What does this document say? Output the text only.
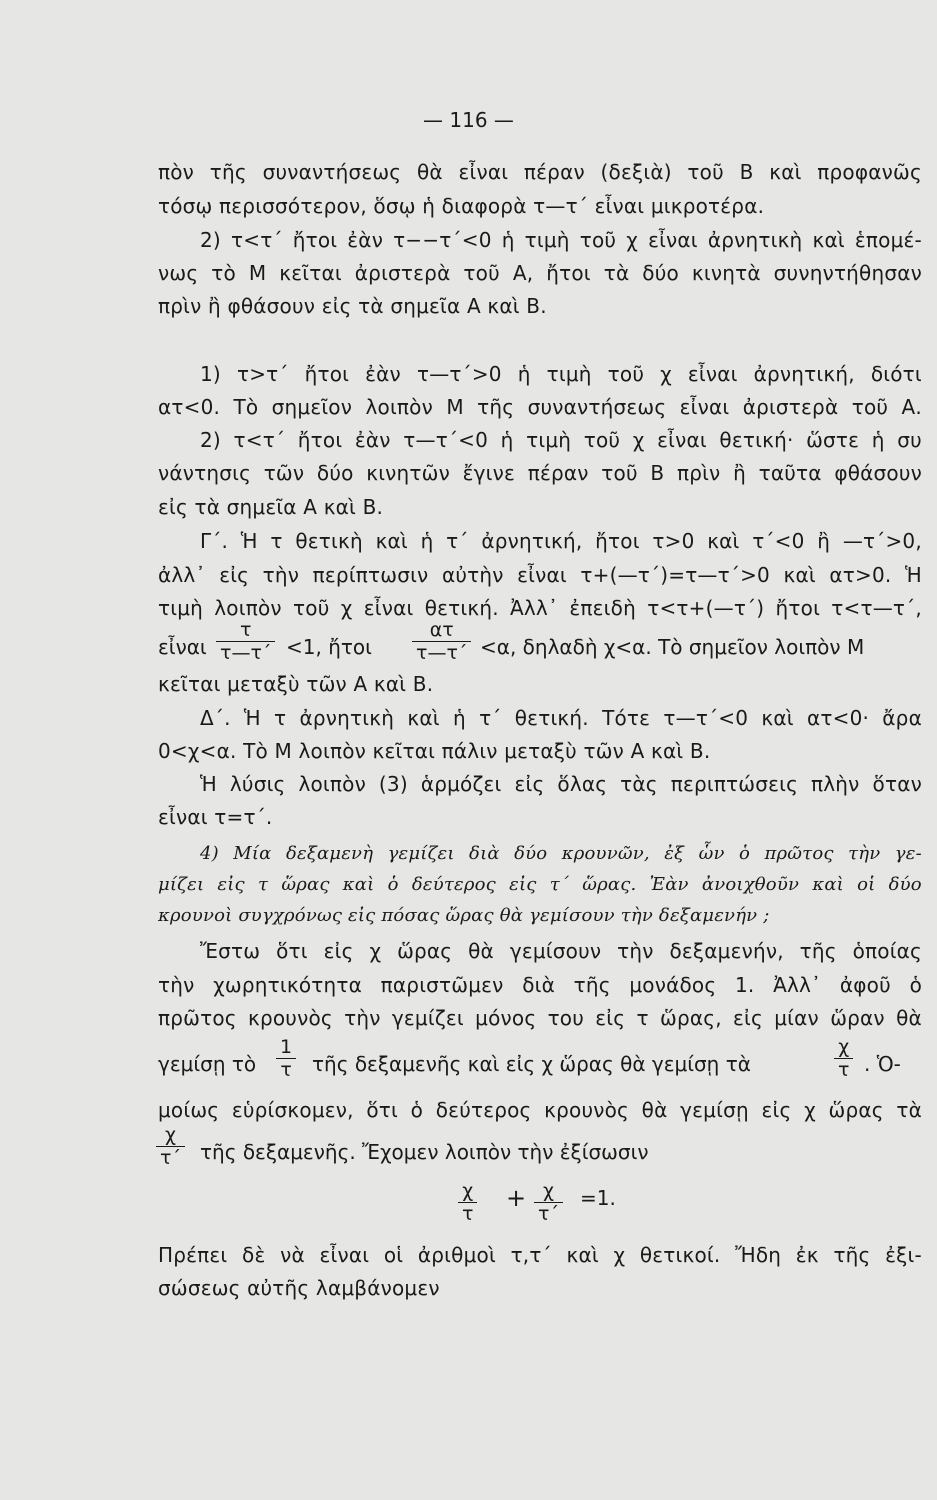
— 116 —
πὸν τῆς συναντήσεως θὰ εἶναι πέραν (δεξιὰ) τοῦ Β καὶ προφανῶς
τόσῳ περισσότερον, ὅσῳ ἡ διαφορὰ τ—τ΄ εἶναι μικροτέρα.
2) τ<τ΄ ἤτοι ἐὰν τ−−τ΄<0 ἡ τιμὴ τοῦ χ εἶναι ἀρνητικὴ καὶ ἑπομέ-
νως τὸ Μ κεῖται ἀριστερὰ τοῦ Α, ἤτοι τὰ δύο κινητὰ συνηντήθησαν
πρὶν ἢ φθάσουν εἰς τὰ σημεῖα Α καὶ Β.
1) τ>τ΄ ἤτοι ἐὰν τ—τ΄>0 ἡ τιμὴ τοῦ χ εἶναι ἀρνητική, διότι
ατ<0. Τὸ σημεῖον λοιπὸν Μ τῆς συναντήσεως εἶναι ἀριστερὰ τοῦ Α.
2) τ<τ΄ ἤτοι ἐὰν τ—τ΄<0 ἡ τιμὴ τοῦ χ εἶναι θετική· ὥστε ἡ συ
νάντησις τῶν δύο κινητῶν ἔγινε πέραν τοῦ Β πρὶν ἢ ταῦτα φθάσουν
εἰς τὰ σημεῖα Α καὶ Β.
Γ΄. Ἡ τ θετικὴ καὶ ἡ τ΄ ἀρνητική, ἤτοι τ>0 καὶ τ΄<0 ἢ —τ΄>0,
ἀλλ᾿ εἰς τὴν περίπτωσιν αὐτὴν εἶναι τ+(—τ΄)=τ—τ΄>0 καὶ ατ>0. Ἡ
τιμὴ λοιπὸν τοῦ χ εἶναι θετική. Ἀλλ᾿ ἐπειδὴ τ<τ+(—τ΄) ἤτοι τ<τ—τ΄,
εἶναι $\frac{\tau}{\tau—\tau΄} <1$, ἤτοι $\frac{\alpha\tau}{\tau—\tau΄} <\alpha$, δηλαδὴ χ<α. Τὸ σημεῖον λοιπὸν Μ
κεῖται μεταξὺ τῶν Α καὶ Β.
Δ΄. Ἡ τ ἀρνητικὴ καὶ ἡ τ΄ θετική. Τότε τ—τ΄<0 καὶ ατ<0· ἄρα
0<χ<α. Τὸ Μ λοιπὸν κεῖται πάλιν μεταξὺ τῶν Α καὶ Β.
Ἡ λύσις λοιπὸν (3) ἁρμόζει εἰς ὅλας τὰς περιπτώσεις πλὴν ὅταν
εἶναι τ=τ΄.
4) Μία δεξαμενὴ γεμίζει διὰ δύο κρουνῶν, ἐξ ὧν ὁ πρῶτος τὴν γε-
μίζει εἰς τ ὥρας καὶ ὁ δεύτερος εἰς τ΄ ὥρας. Ἐὰν ἀνοιχθοῦν καὶ οἱ δύο
κρουνοὶ συγχρόνως εἰς πόσας ὥρας θὰ γεμίσουν τὴν δεξαμενήν ;
Ἔστω ὅτι εἰς χ ὥρας θὰ γεμίσουν τὴν δεξαμενήν, τῆς ὁποίας
τὴν χωρητικότητα παριστῶμεν διὰ τῆς μονάδος 1. Ἀλλ᾿ ἀφοῦ ὁ
πρῶτος κρουνὸς τὴν γεμίζει μόνος του εἰς τ ὥρας, εἰς μίαν ὥραν θὰ
γεμίσῃ τὸ $\frac{1}{\tau}$ τῆς δεξαμενῆς καὶ εἰς χ ὥρας θὰ γεμίσῃ τὰ	$\frac{\chi}{\tau}$ . Ὁ-
μοίως εὑρίσκομεν, ὅτι ὁ δεύτερος κρουνὸς θὰ γεμίσῃ εἰς χ ὥρας τὰ
$\frac{\chi}{\tau΄}$ τῆς δεξαμενῆς. Ἔχομεν λοιπὸν τὴν ἐξίσωσιν
$\frac{\chi}{\tau} + \frac{\chi}{\tau΄} =1$.
Πρέπει δὲ νὰ εἶναι οἱ ἀριθμοὶ τ,τ΄ καὶ χ θετικοί. Ἤδη ἐκ τῆς ἐξι-
σώσεως αὐτῆς λαμβάνομεν
